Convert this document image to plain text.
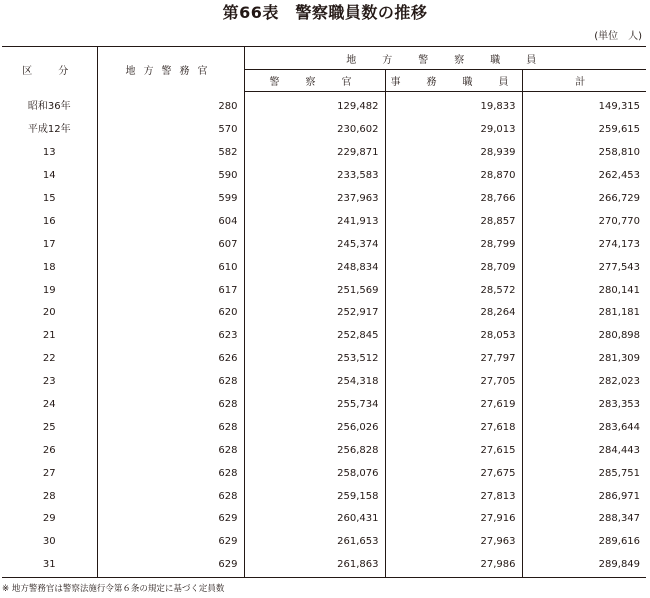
第66表　警察職員数の推移
(単位　人)
区　分	地方警務官	地　方　警　察　職　員		
		警　察　官	事　務　職　員	計
昭和36年	280	129,482	19,833	149,315
平成12年	570	230,602	29,013	259,615
13	582	229,871	28,939	258,810
14	590	233,583	28,870	262,453
15	599	237,963	28,766	266,729
16	604	241,913	28,857	270,770
17	607	245,374	28,799	274,173
18	610	248,834	28,709	277,543
19	617	251,569	28,572	280,141
20	620	252,917	28,264	281,181
21	623	252,845	28,053	280,898
22	626	253,512	27,797	281,309
23	628	254,318	27,705	282,023
24	628	255,734	27,619	283,353
25	628	256,026	27,618	283,644
26	628	256,828	27,615	284,443
27	628	258,076	27,675	285,751
28	628	259,158	27,813	286,971
29	629	260,431	27,916	288,347
30	629	261,653	27,963	289,616
31	629	261,863	27,986	289,849
※ 地方警務官は警察法施行令第６条の規定に基づく定員数
